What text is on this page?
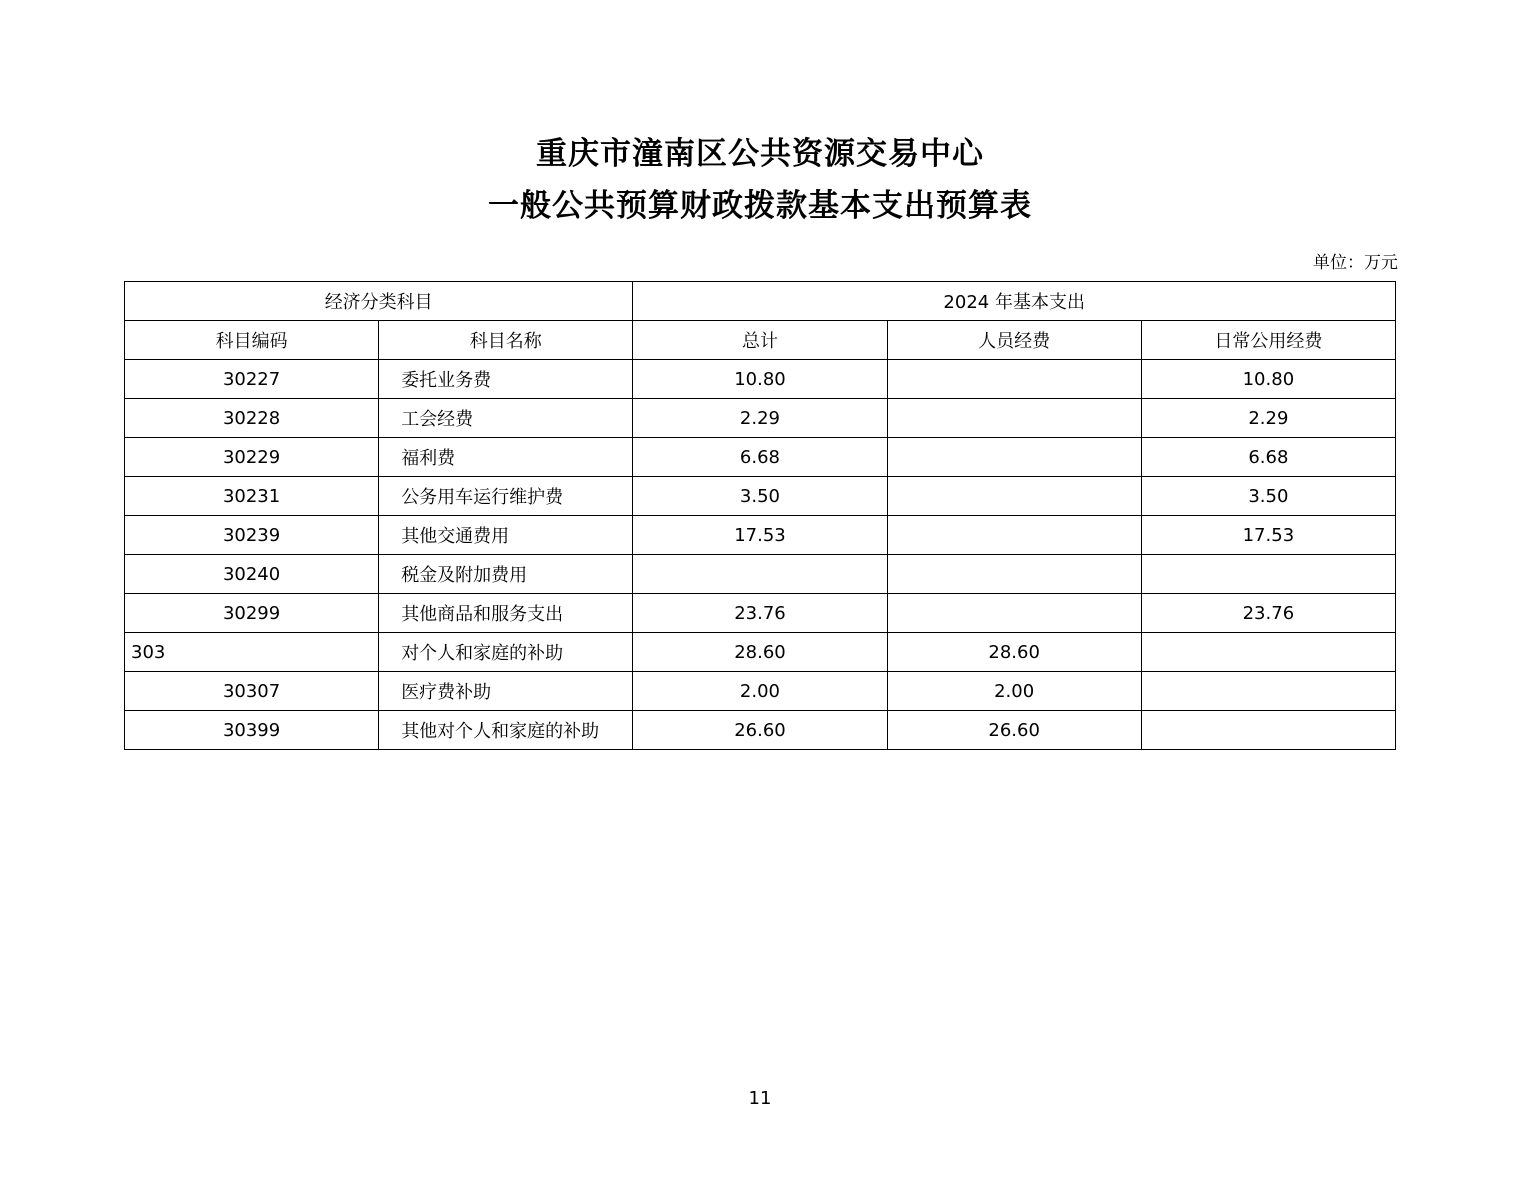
重庆市潼南区公共资源交易中心
一般公共预算财政拨款基本支出预算表
单位：万元
经济分类科目		2024 年基本支出		
科目编码	科目名称	总计	人员经费	日常公用经费
30227	委托业务费	10.80		10.80
30228	工会经费	2.29		2.29
30229	福利费	6.68		6.68
30231	公务用车运行维护费	3.50		3.50
30239	其他交通费用	17.53		17.53
30240	税金及附加费用			
30299	其他商品和服务支出	23.76		23.76
303	对个人和家庭的补助	28.60	28.60	
30307	医疗费补助	2.00	2.00	
30399	其他对个人和家庭的补助	26.60	26.60	
11
